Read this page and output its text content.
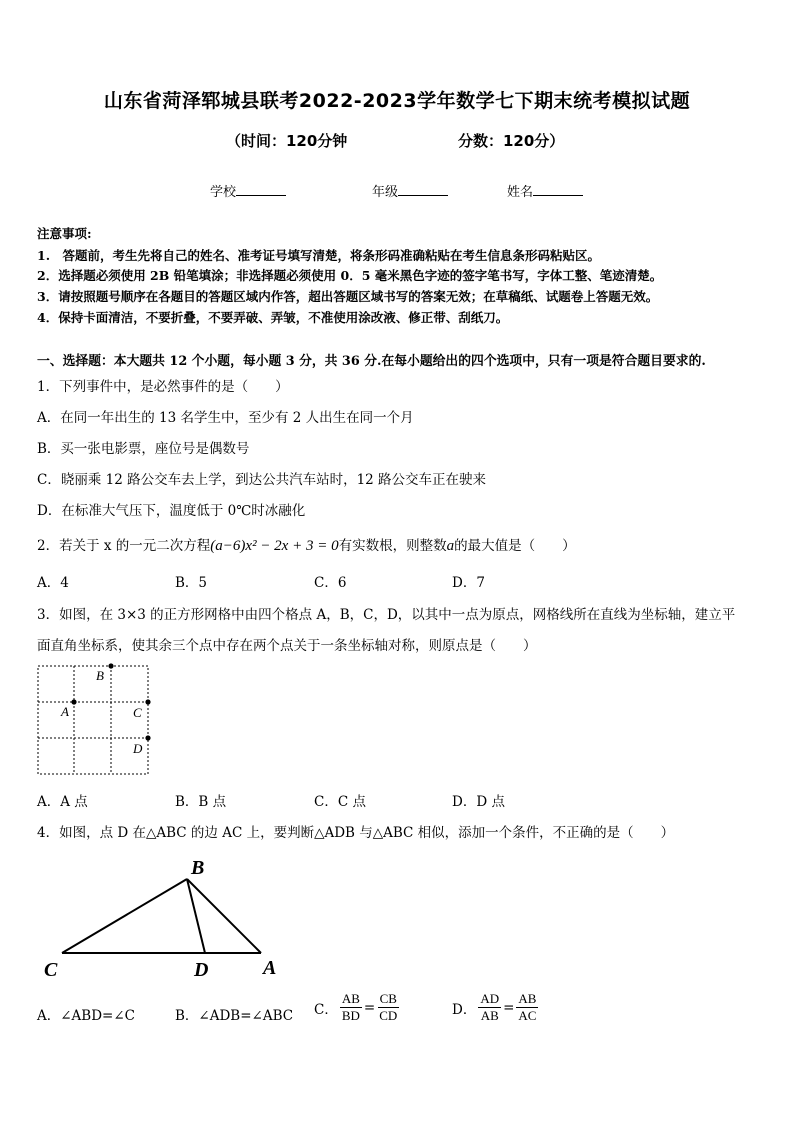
山东省菏泽郓城县联考2022-2023学年数学七下期末统考模拟试题
（时间：120分钟	分数：120分）
学校	年级	姓名
注意事项:
1.　答题前，考生先将自己的姓名、准考证号填写清楚，将条形码准确粘贴在考生信息条形码粘贴区。
2．选择题必须使用 2B 铅笔填涂；非选择题必须使用 0．5 毫米黑色字迹的签字笔书写，字体工整、笔迹清楚。
3．请按照题号顺序在各题目的答题区域内作答，超出答题区域书写的答案无效；在草稿纸、试题卷上答题无效。
4．保持卡面清洁，不要折叠，不要弄破、弄皱，不准使用涂改液、修正带、刮纸刀。
一、选择题：本大题共 12 个小题，每小题 3 分，共 36 分.在每小题给出的四个选项中，只有一项是符合题目要求的.
1．下列事件中，是必然事件的是（　　）
A．在同一年出生的 13 名学生中，至少有 2 人出生在同一个月
B．买一张电影票，座位号是偶数号
C．晓丽乘 12 路公交车去上学，到达公共汽车站时，12 路公交车正在驶来
D．在标准大气压下，温度低于 0℃时冰融化
2．若关于 x 的一元二次方程(a−6)x² − 2x + 3 = 0有实数根，则整数a的最大值是（　　）
A．4	B．5	C．6	D．7
3．如图，在 3×3 的正方形网格中由四个格点 A，B，C，D，以其中一点为原点，网格线所在直线为坐标轴，建立平
面直角坐标系，使其余三个点中存在两个点关于一条坐标轴对称，则原点是（　　）
B
A	C
D
A．A 点	B．B 点	C．C 点	D．D 点
4．如图，点 D 在△ABC 的边 AC 上，要判断△ADB 与△ABC 相似，添加一个条件，不正确的是（　　）
B
C	D	A
A．∠ABD=∠C	B．∠ADB=∠ABC C． $\frac{AB}{BD} = \frac{CB}{CD}$	D． $\frac{AD}{AB} = \frac{AB}{AC}$
